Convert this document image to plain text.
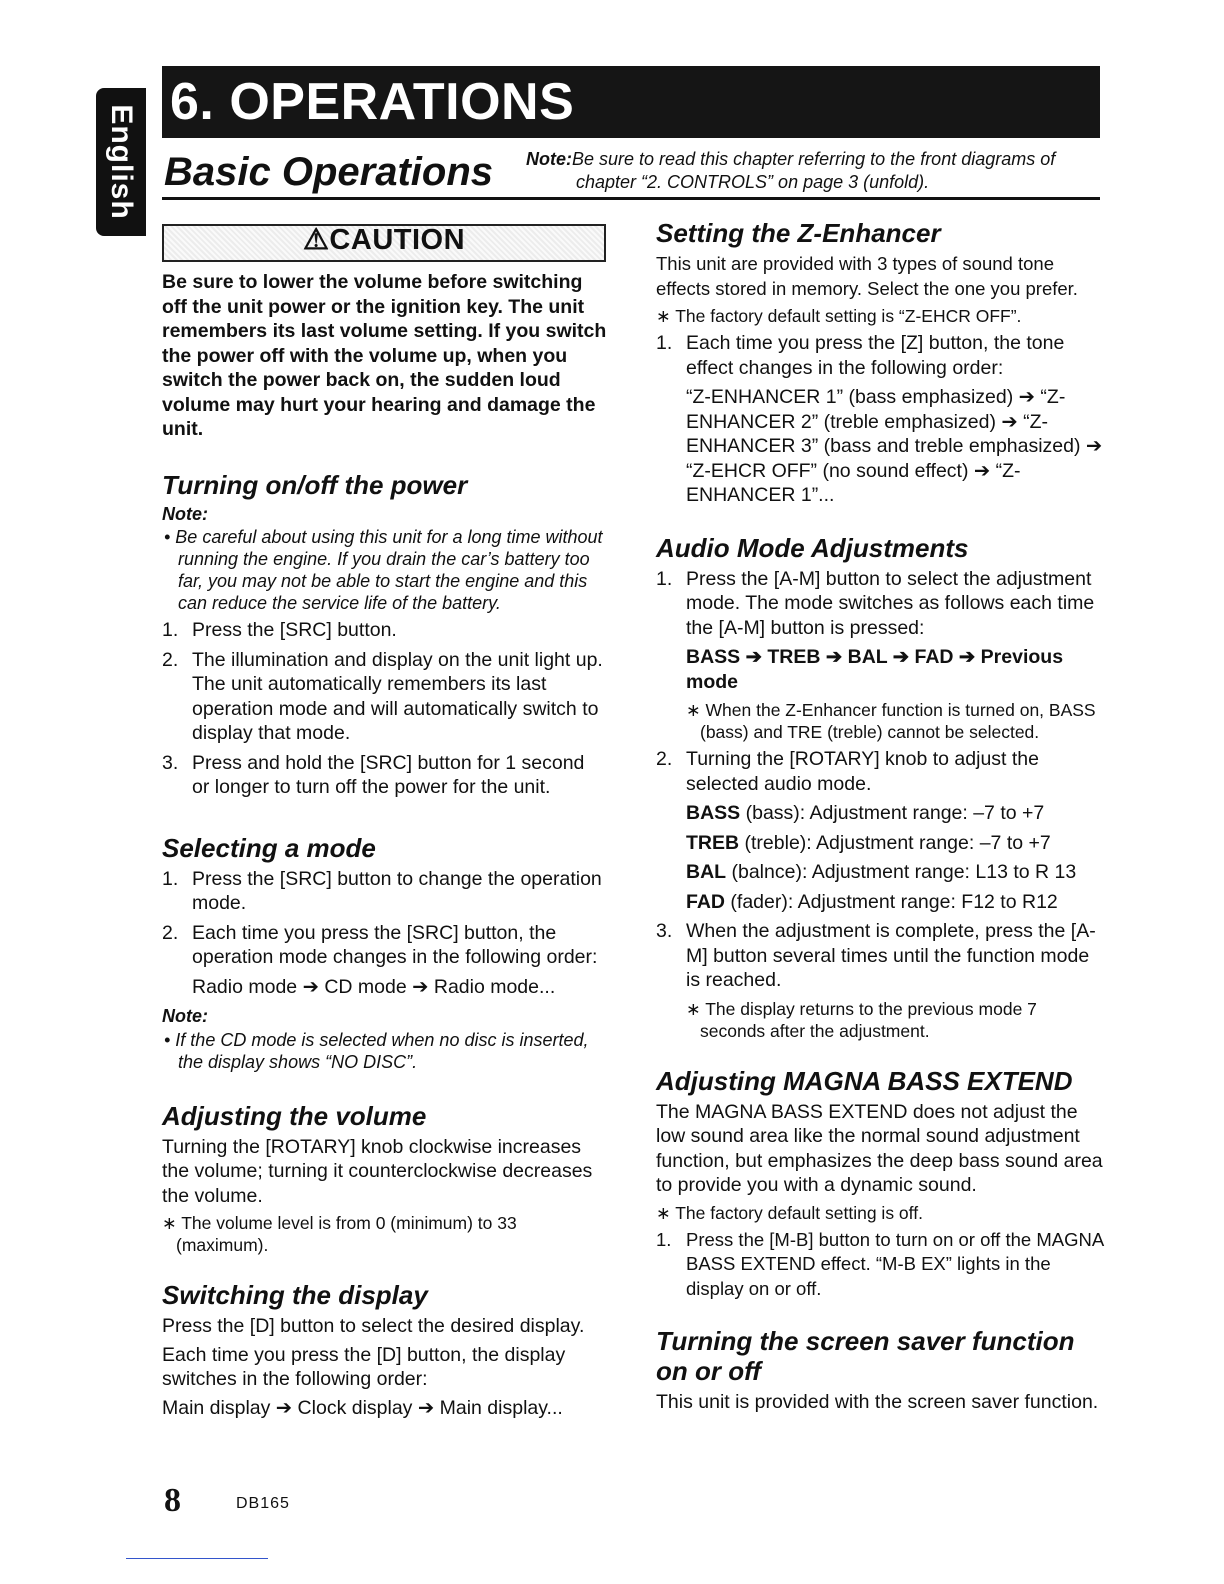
English
6. OPERATIONS
Basic Operations Note:Be sure to read this chapter referring to the front diagrams of
chapter “2. CONTROLS” on page 3 (unfold).
⚠CAUTION
Be sure to lower the volume before switching off the unit power or the ignition key. The unit remembers its last volume setting. If you switch the power off with the volume up, when you switch the power back on, the sudden loud volume may hurt your hearing and damage the unit.
Turning on/off the power
Note:
• Be careful about using this unit for a long time without running the engine. If you drain the car’s battery too far, you may not be able to start the engine and this can reduce the service life of the battery.
1. Press the [SRC] button.
2. The illumination and display on the unit light up. The unit automatically remembers its last operation mode and will automatically switch to display that mode.
3. Press and hold the [SRC] button for 1 second or longer to turn off the power for the unit.
Selecting a mode
1. Press the [SRC] button to change the operation mode.
2. Each time you press the [SRC] button, the operation mode changes in the following order:
Radio mode ➔ CD mode ➔ Radio mode...
Note:
• If the CD mode is selected when no disc is inserted, the display shows “NO DISC”.
Adjusting the volume
Turning the [ROTARY] knob clockwise increases the volume; turning it counterclockwise decreases the volume.
∗ The volume level is from 0 (minimum) to 33 (maximum).
Switching the display
Press the [D] button to select the desired display.
Each time you press the [D] button, the display switches in the following order:
Main display ➔ Clock display ➔ Main display...
Setting the Z-Enhancer
This unit are provided with 3 types of sound tone effects stored in memory. Select the one you prefer.
∗ The factory default setting is “Z-EHCR OFF”.
1. Each time you press the [Z] button, the tone effect changes in the following order:
“Z-ENHANCER 1” (bass emphasized) ➔ “Z-ENHANCER 2” (treble emphasized) ➔ “Z-ENHANCER 3” (bass and treble emphasized) ➔ “Z-EHCR OFF” (no sound effect) ➔ “Z-ENHANCER 1”...
Audio Mode Adjustments
1. Press the [A-M] button to select the adjustment mode. The mode switches as follows each time the [A-M] button is pressed:
BASS ➔ TREB ➔ BAL ➔ FAD ➔ Previous mode
∗ When the Z-Enhancer function is turned on, BASS (bass) and TRE (treble) cannot be selected.
2. Turning the [ROTARY] knob to adjust the selected audio mode.
BASS (bass): Adjustment range: –7 to +7
TREB (treble): Adjustment range: –7 to +7
BAL (balnce): Adjustment range: L13 to R 13
FAD (fader): Adjustment range: F12 to R12
3. When the adjustment is complete, press the [A-M] button several times until the function mode is reached.
∗ The display returns to the previous mode 7 seconds after the adjustment.
Adjusting MAGNA BASS EXTEND
The MAGNA BASS EXTEND does not adjust the low sound area like the normal sound adjustment function, but emphasizes the deep bass sound area to provide you with a dynamic sound.
∗ The factory default setting is off.
1. Press the [M-B] button to turn on or off the MAGNA BASS EXTEND effect. “M-B EX” lights in the display on or off.
Turning the screen saver function on or off
This unit is provided with the screen saver function.
8	DB165
